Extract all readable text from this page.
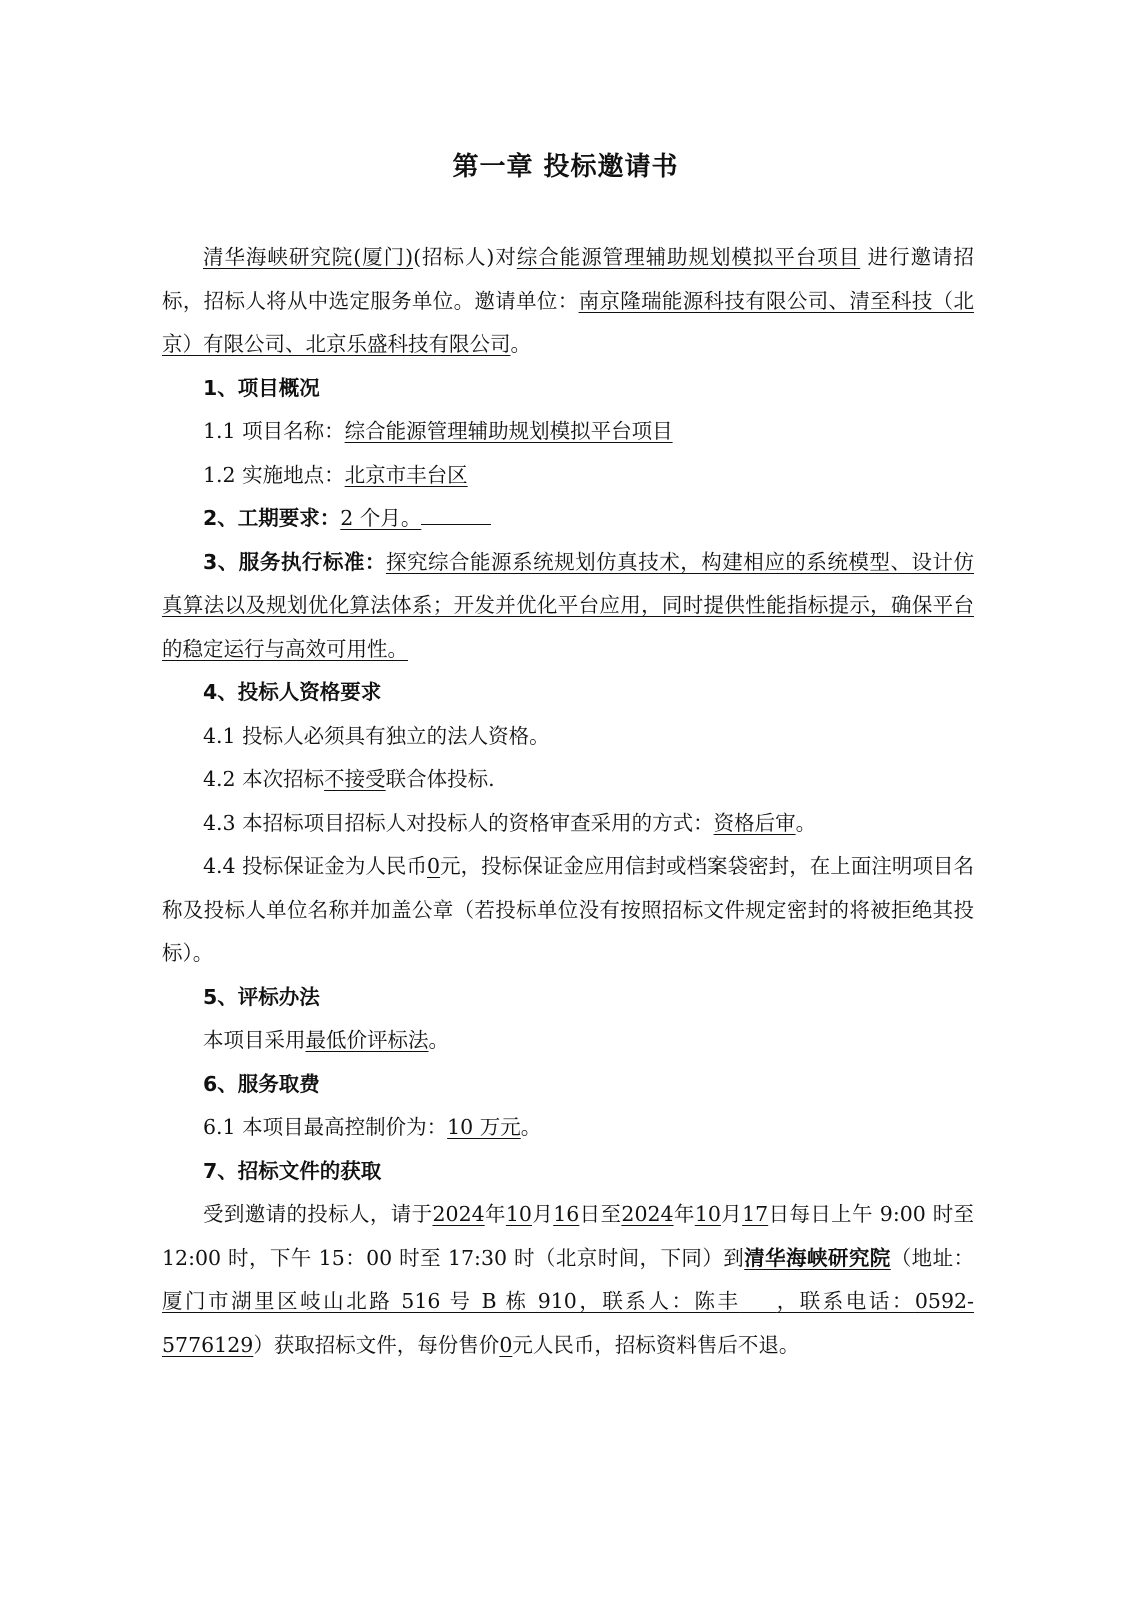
第一章 投标邀请书

清华海峡研究院(厦门)(招标人)对综合能源管理辅助规划模拟平台项目 进行邀请招标，招标人将从中选定服务单位。邀请单位：南京隆瑞能源科技有限公司、清至科技（北京）有限公司、北京乐盛科技有限公司。

1、项目概况

1.1 项目名称：综合能源管理辅助规划模拟平台项目

1.2 实施地点：北京市丰台区

2、工期要求：2 个月。

3、服务执行标准：探究综合能源系统规划仿真技术，构建相应的系统模型、设计仿真算法以及规划优化算法体系；开发并优化平台应用，同时提供性能指标提示，确保平台的稳定运行与高效可用性。

4、投标人资格要求

4.1 投标人必须具有独立的法人资格。

4.2 本次招标不接受联合体投标.

4.3 本招标项目招标人对投标人的资格审查采用的方式：资格后审。

4.4 投标保证金为人民币0元，投标保证金应用信封或档案袋密封，在上面注明项目名称及投标人单位名称并加盖公章（若投标单位没有按照招标文件规定密封的将被拒绝其投标）。

5、评标办法

本项目采用最低价评标法。

6、服务取费

6.1 本项目最高控制价为：10 万元。

7、招标文件的获取

受到邀请的投标人，请于2024年10月16日至2024年10月17日每日上午 9:00 时至 12:00 时，下午 15：00 时至 17:30 时（北京时间，下同）到清华海峡研究院（地址：厦门市湖里区岐山北路 516 号 B 栋 910，联系人：陈丰 ，联系电话：0592-5776129）获取招标文件，每份售价0元人民币，招标资料售后不退。
